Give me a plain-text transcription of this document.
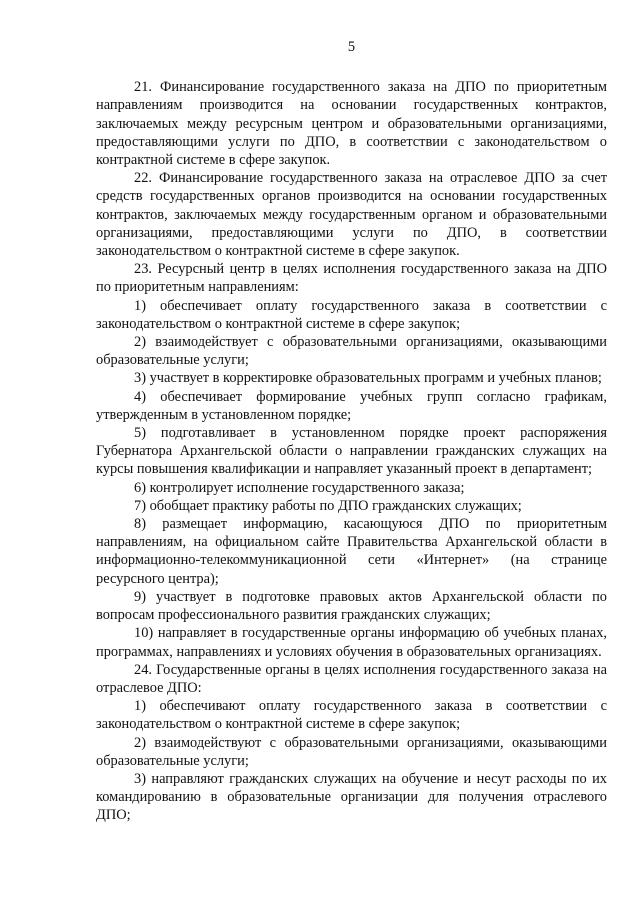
5

21. Финансирование государственного заказа на ДПО по приоритетным направлениям производится на основании государственных контрактов, заключаемых между ресурсным центром и образовательными организациями, предоставляющими услуги по ДПО, в соответствии с законодательством о контрактной системе в сфере закупок.

22. Финансирование государственного заказа на отраслевое ДПО за счет средств государственных органов производится на основании государственных контрактов, заключаемых между государственным органом и образовательными организациями, предоставляющими услуги по ДПО, в соответствии законодательством о контрактной системе в сфере закупок.

23. Ресурсный центр в целях исполнения государственного заказа на ДПО по приоритетным направлениям:

1) обеспечивает оплату государственного заказа в соответствии с законодательством о контрактной системе в сфере закупок;

2) взаимодействует с образовательными организациями, оказывающими образовательные услуги;

3) участвует в корректировке образовательных программ и учебных планов;

4) обеспечивает формирование учебных групп согласно графикам, утвержденным в установленном порядке;

5) подготавливает в установленном порядке проект распоряжения Губернатора Архангельской области о направлении гражданских служащих на курсы повышения квалификации и направляет указанный проект в департамент;

6) контролирует исполнение государственного заказа;

7) обобщает практику работы по ДПО гражданских служащих;

8) размещает информацию, касающуюся ДПО по приоритетным направлениям, на официальном сайте Правительства Архангельской области в информационно-телекоммуникационной сети «Интернет» (на странице ресурсного центра);

9) участвует в подготовке правовых актов Архангельской области по вопросам профессионального развития гражданских служащих;

10) направляет в государственные органы информацию об учебных планах, программах, направлениях и условиях обучения в образовательных организациях.

24. Государственные органы в целях исполнения государственного заказа на отраслевое ДПО:

1) обеспечивают оплату государственного заказа в соответствии с законодательством о контрактной системе в сфере закупок;

2) взаимодействуют с образовательными организациями, оказывающими образовательные услуги;

3) направляют гражданских служащих на обучение и несут расходы по их командированию в образовательные организации для получения отраслевого ДПО;
